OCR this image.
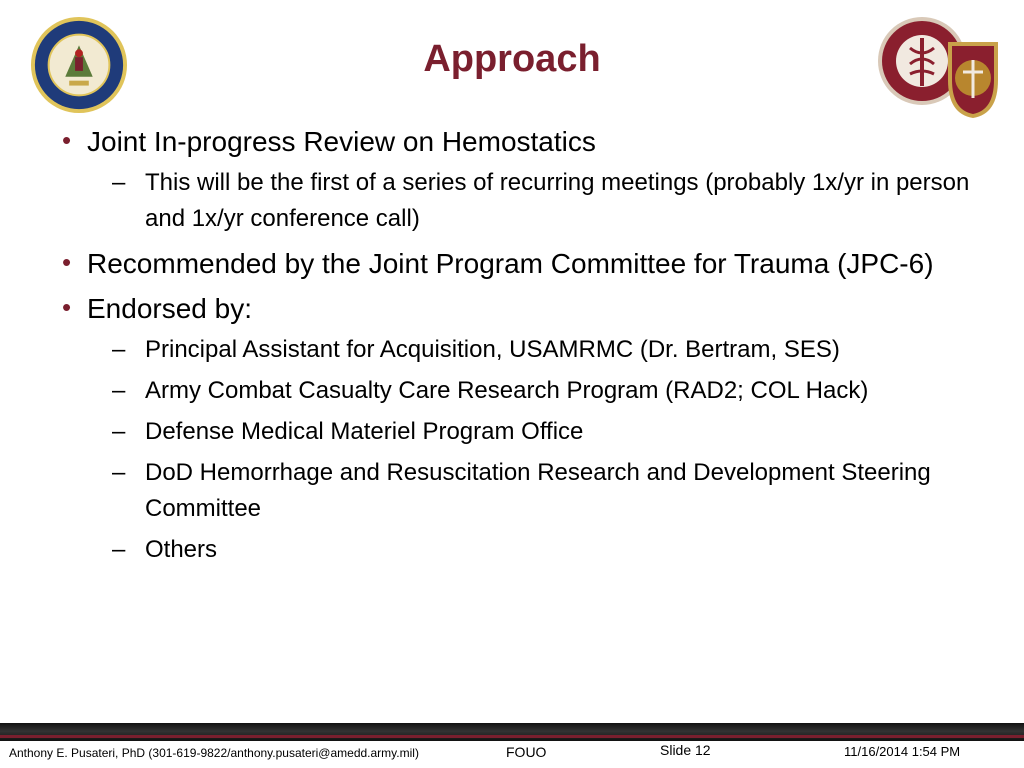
Approach
• Joint In-progress Review on Hemostatics
– This will be the first of a series of recurring meetings (probably 1x/yr in person and 1x/yr conference call)
• Recommended by the Joint Program Committee for Trauma (JPC-6)
• Endorsed by:
– Principal Assistant for Acquisition, USAMRMC (Dr. Bertram, SES)
– Army Combat Casualty Care Research Program (RAD2; COL Hack)
– Defense Medical Materiel Program Office
– DoD Hemorrhage and Resuscitation Research and Development Steering Committee
– Others
Anthony E. Pusateri, PhD (301-619-9822/anthony.pusateri@amedd.army.mil)	FOUO	Slide 12	11/16/2014 1:54 PM
